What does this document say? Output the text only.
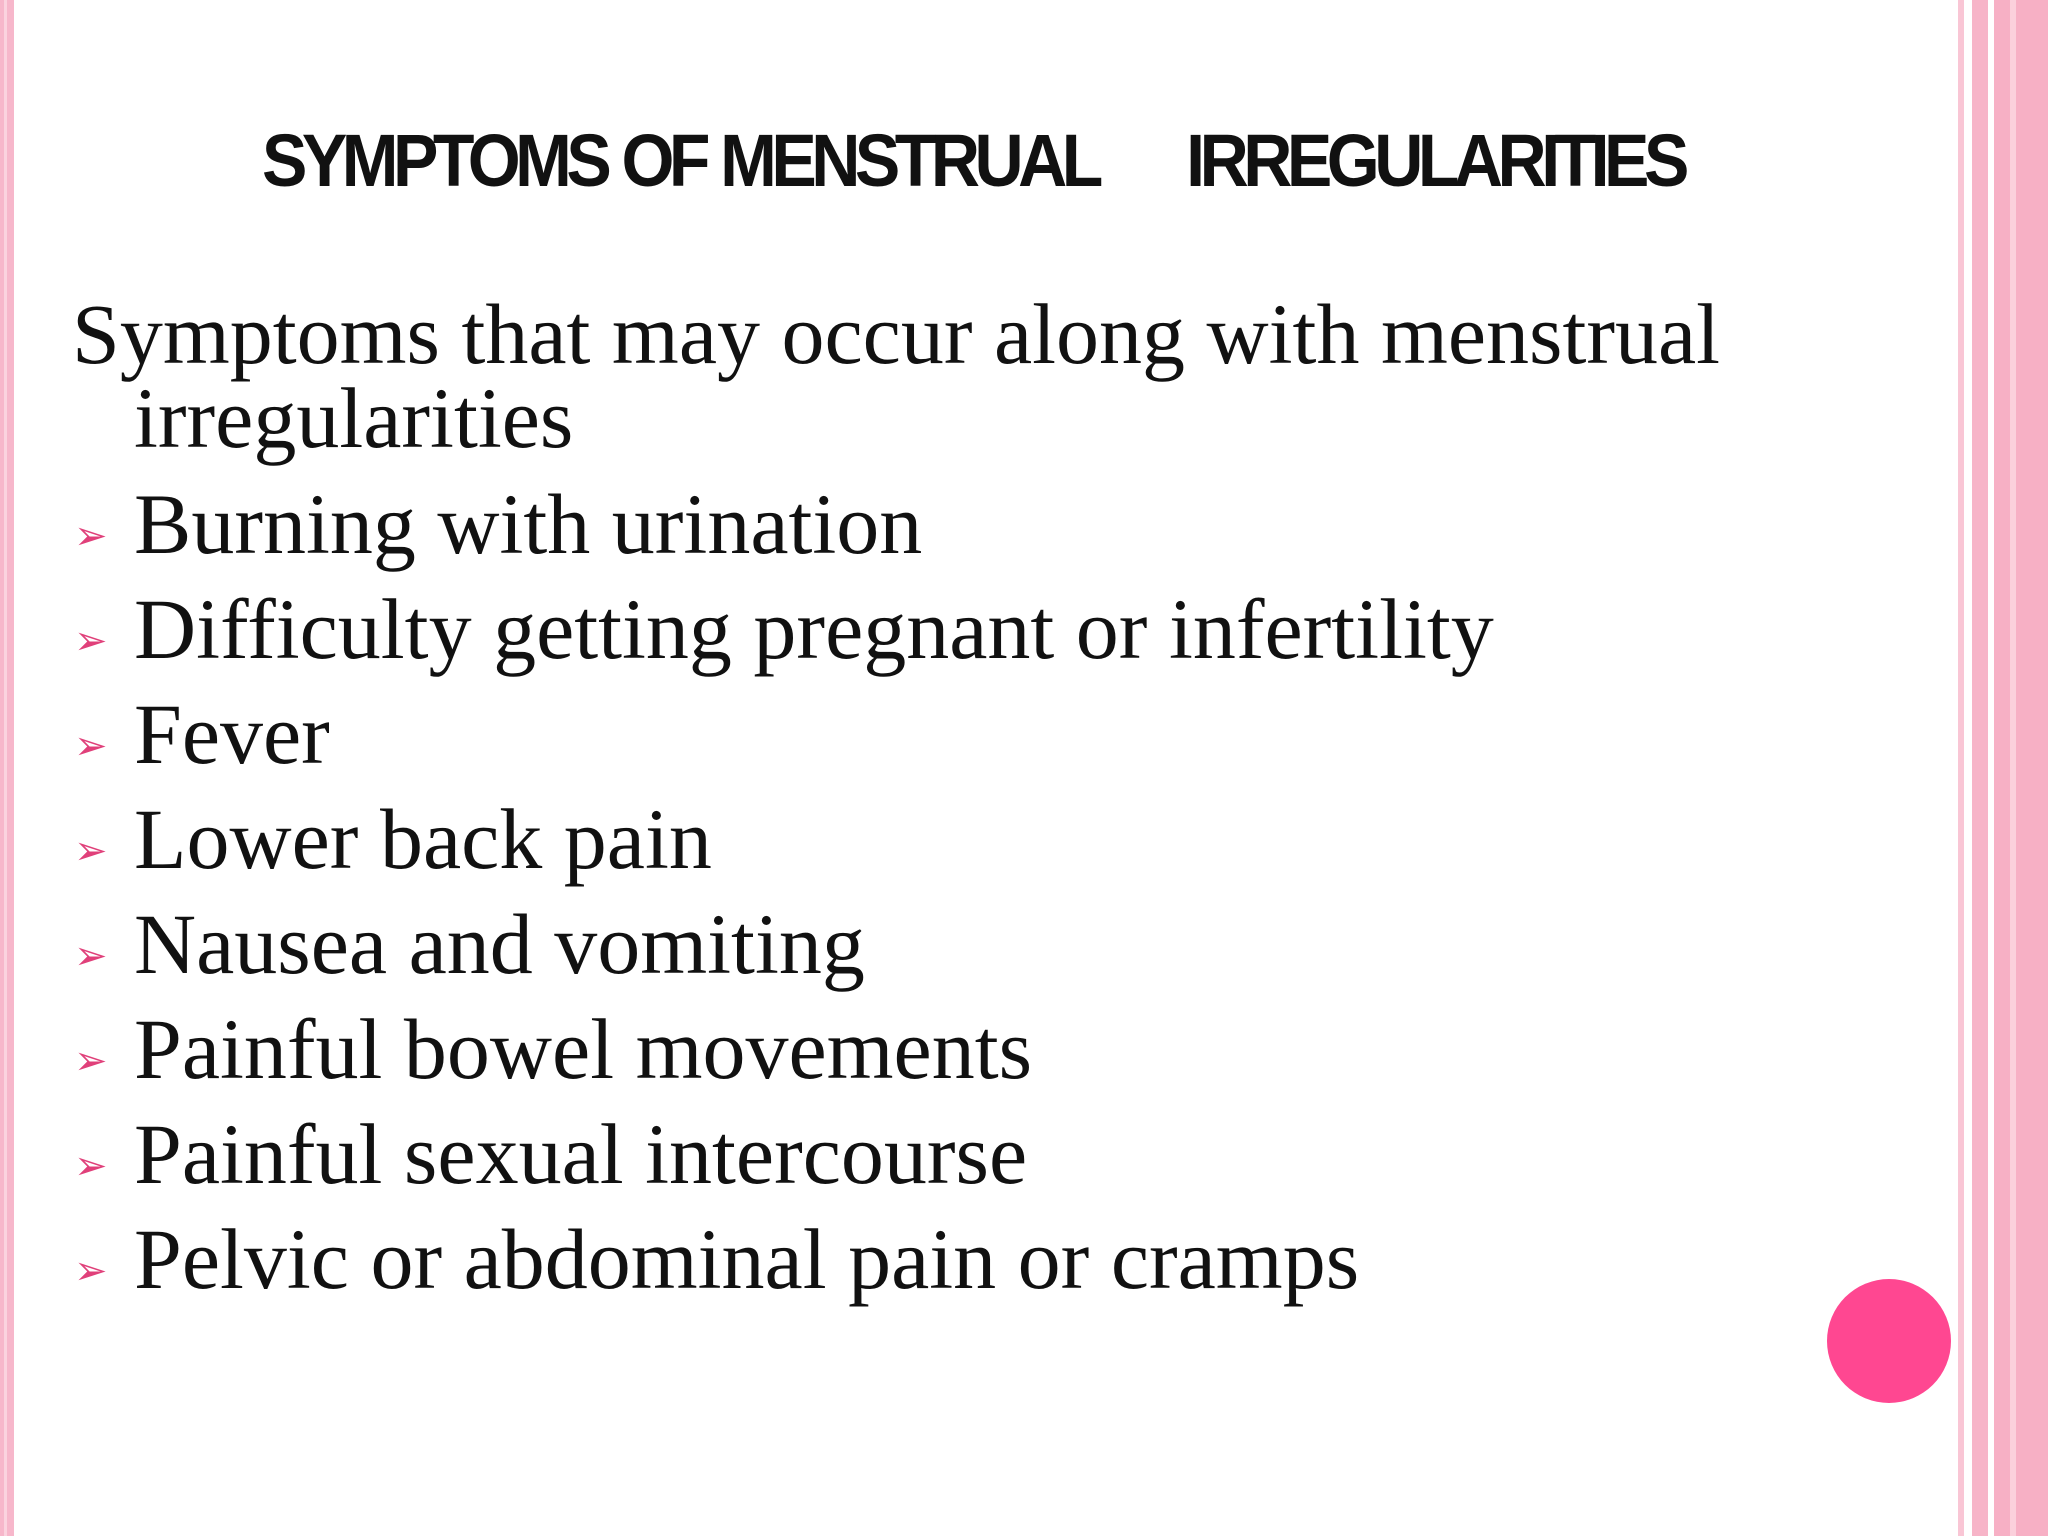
SYMPTOMS OF MENSTRUAL IRREGULARITIES

Symptoms that may occur along with menstrual irregularities

➢ Burning with urination
➢ Difficulty getting pregnant or infertility
➢ Fever
➢ Lower back pain
➢ Nausea and vomiting
➢ Painful bowel movements
➢ Painful sexual intercourse
➢ Pelvic or abdominal pain or cramps
